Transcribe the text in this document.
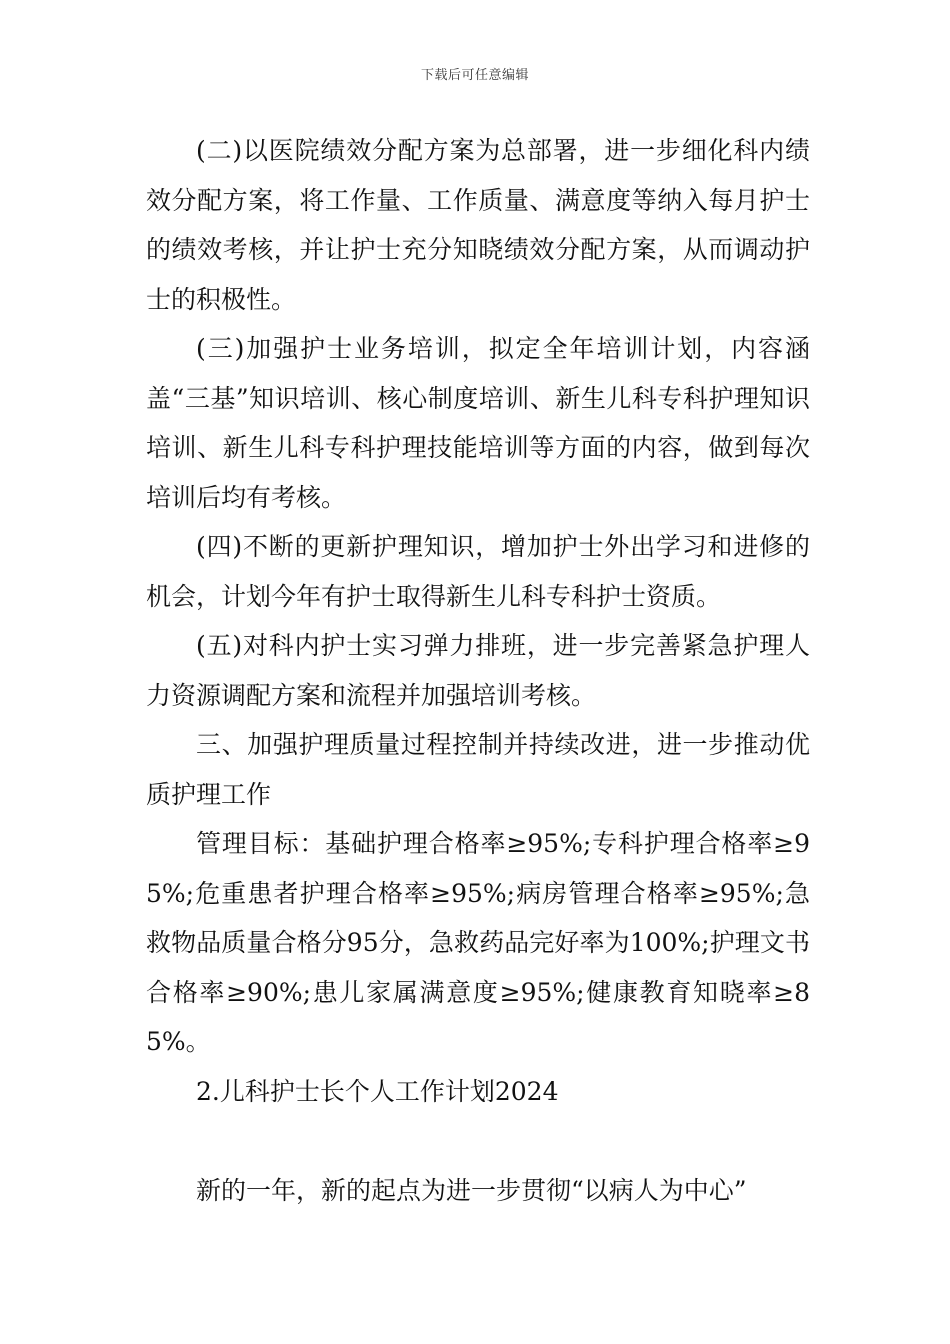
下载后可任意编辑

(二)以医院绩效分配方案为总部署，进一步细化科内绩效分配方案，将工作量、工作质量、满意度等纳入每月护士的绩效考核，并让护士充分知晓绩效分配方案，从而调动护士的积极性。

(三)加强护士业务培训，拟定全年培训计划，内容涵盖“三基”知识培训、核心制度培训、新生儿科专科护理知识培训、新生儿科专科护理技能培训等方面的内容，做到每次培训后均有考核。

(四)不断的更新护理知识，增加护士外出学习和进修的机会，计划今年有护士取得新生儿科专科护士资质。

(五)对科内护士实习弹力排班，进一步完善紧急护理人力资源调配方案和流程并加强培训考核。

三、加强护理质量过程控制并持续改进，进一步推动优质护理工作

管理目标：基础护理合格率≥95%;专科护理合格率≥95%;危重患者护理合格率≥95%;病房管理合格率≥95%;急救物品质量合格分95分，急救药品完好率为100%;护理文书合格率≥90%;患儿家属满意度≥95%;健康教育知晓率≥85%。

2.儿科护士长个人工作计划2024

新的一年，新的起点为进一步贯彻“以病人为中心”
